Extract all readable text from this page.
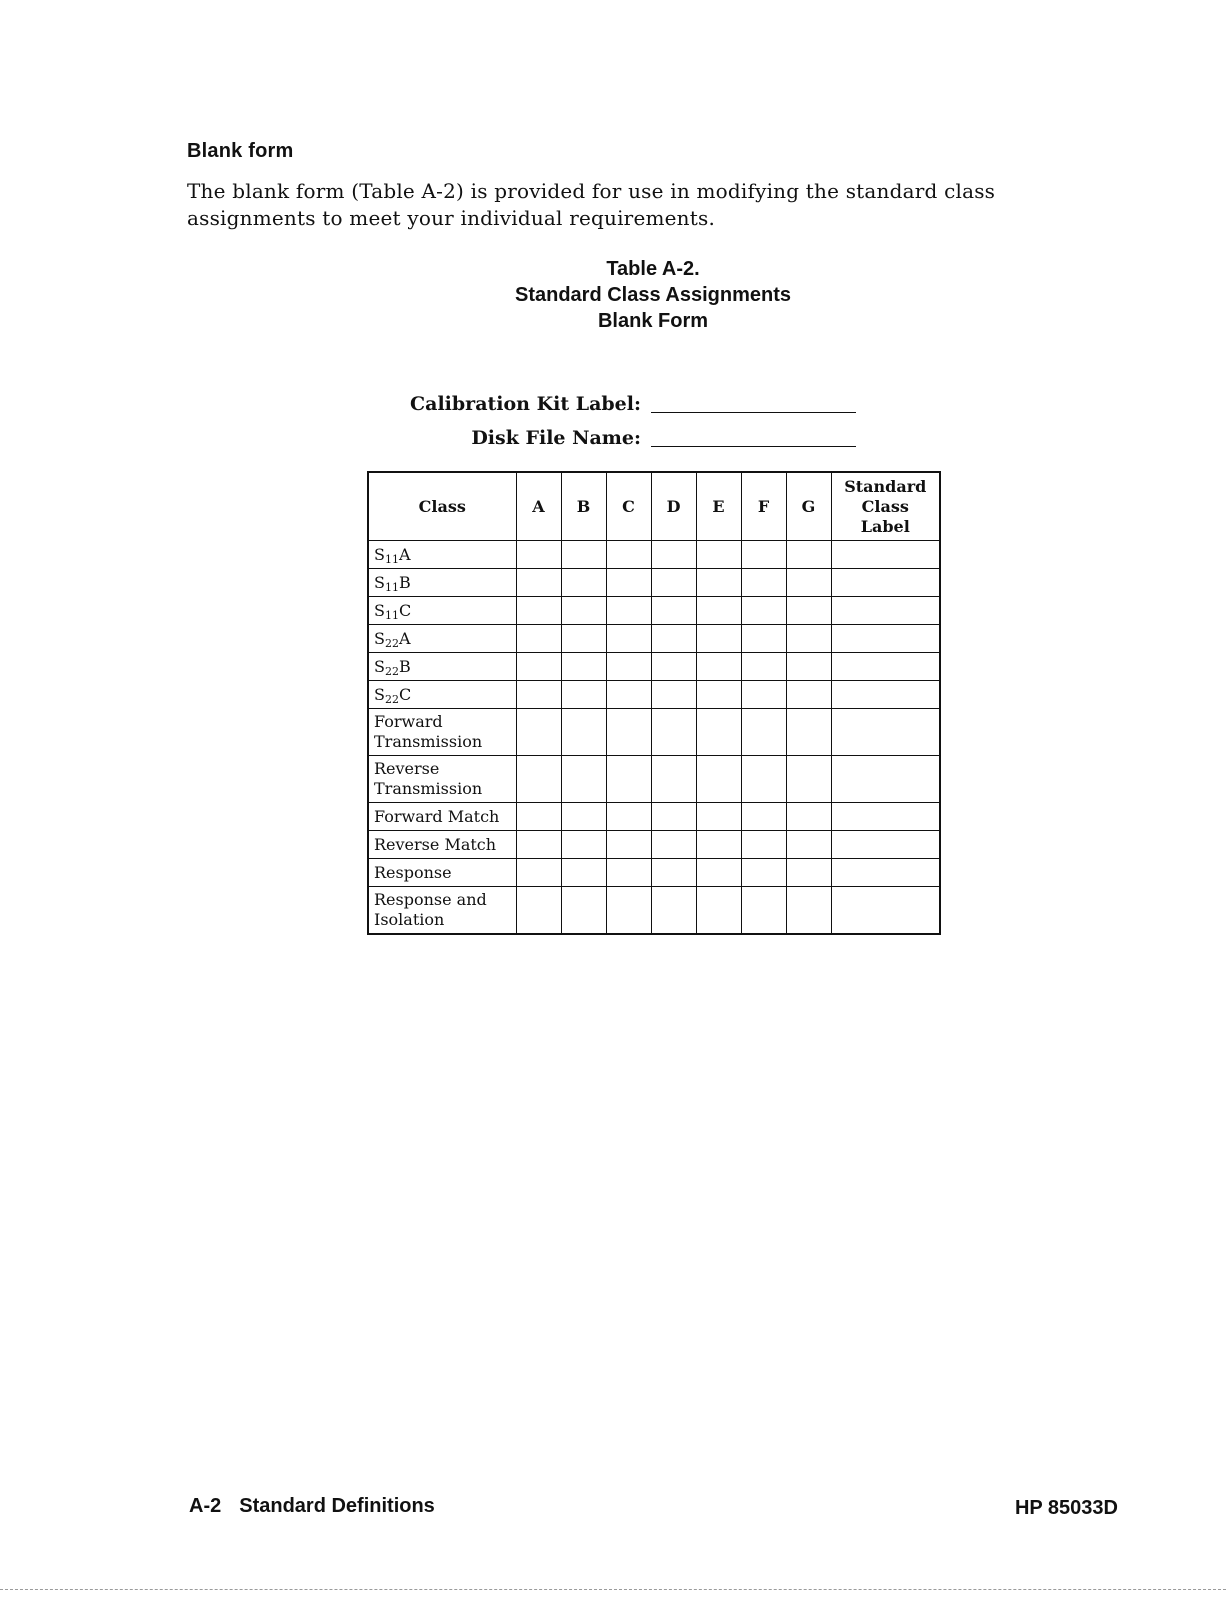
Blank form
The blank form (Table A-2) is provided for use in modifying the standard class assignments to meet your individual requirements.
Table A-2.
Standard Class Assignments
Blank Form
Calibration Kit Label:
Disk File Name:
Class	A	B	C	D	E	F	G	Standard
Class
Label

$S_{11}A$								
$S_{11}B$								
$S_{11}C$								
$S_{22}A$								
$S_{22}B$								
$S_{22}C$								

Forward
Transmission								

Reverse
Transmission								

Forward Match								
Reverse Match								
Response								

Response and
Isolation								

A-2 Standard Definitions	HP 85033D
